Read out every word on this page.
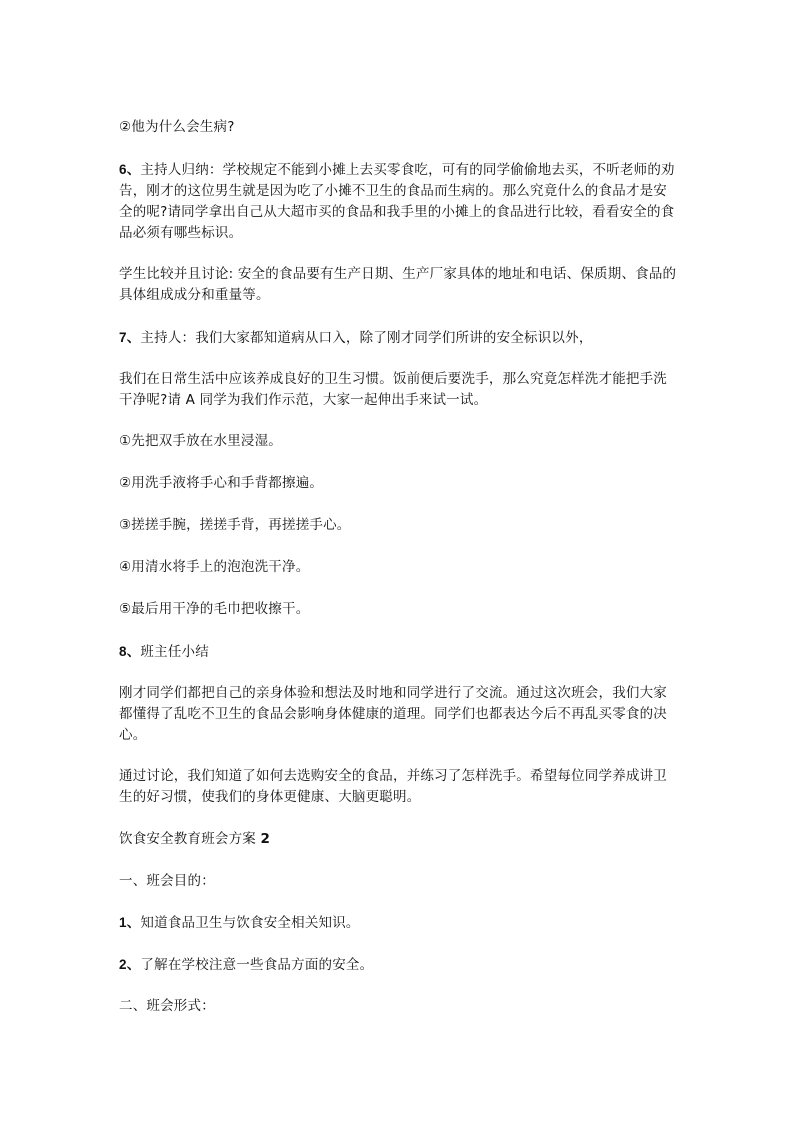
②他为什么会生病?

6、主持人归纳：学校规定不能到小摊上去买零食吃，可有的同学偷偷地去买，不听老师的劝告，刚才的这位男生就是因为吃了小摊不卫生的食品而生病的。那么究竟什么的食品才是安全的呢?请同学拿出自己从大超市买的食品和我手里的小摊上的食品进行比较，看看安全的食品必须有哪些标识。

学生比较并且讨论: 安全的食品要有生产日期、生产厂家具体的地址和电话、保质期、食品的具体组成成分和重量等。

7、主持人：我们大家都知道病从口入，除了刚才同学们所讲的安全标识以外，

我们在日常生活中应该养成良好的卫生习惯。饭前便后要洗手，那么究竟怎样洗才能把手洗干净呢?请 A 同学为我们作示范，大家一起伸出手来试一试。

①先把双手放在水里浸湿。

②用洗手液将手心和手背都擦遍。

③搓搓手腕，搓搓手背，再搓搓手心。

④用清水将手上的泡泡洗干净。

⑤最后用干净的毛巾把收擦干。

8、班主任小结

刚才同学们都把自己的亲身体验和想法及时地和同学进行了交流。通过这次班会，我们大家都懂得了乱吃不卫生的食品会影响身体健康的道理。同学们也都表达今后不再乱买零食的决心。

通过讨论，我们知道了如何去选购安全的食品，并练习了怎样洗手。希望每位同学养成讲卫生的好习惯，使我们的身体更健康、大脑更聪明。

饮食安全教育班会方案 2

一、班会目的：

1、知道食品卫生与饮食安全相关知识。

2、了解在学校注意一些食品方面的安全。

二、班会形式：
